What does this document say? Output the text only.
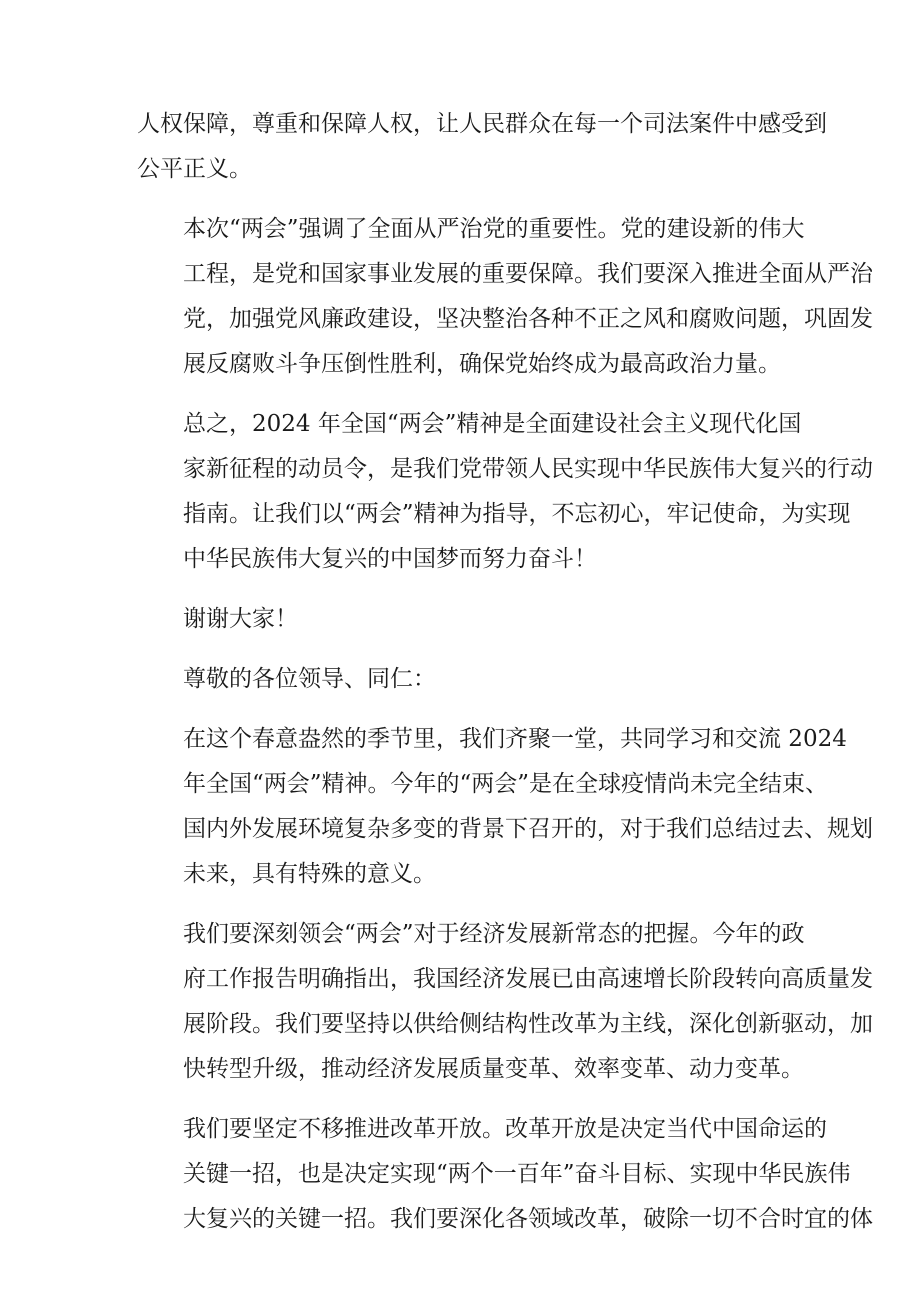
人权保障，尊重和保障人权，让人民群众在每一个司法案件中感受到
公平正义。
本次“两会”强调了全面从严治党的重要性。党的建设新的伟大
工程，是党和国家事业发展的重要保障。我们要深入推进全面从严治
党，加强党风廉政建设，坚决整治各种不正之风和腐败问题，巩固发
展反腐败斗争压倒性胜利，确保党始终成为最高政治力量。
总之，2024 年全国“两会”精神是全面建设社会主义现代化国
家新征程的动员令，是我们党带领人民实现中华民族伟大复兴的行动
指南。让我们以“两会”精神为指导，不忘初心，牢记使命，为实现
中华民族伟大复兴的中国梦而努力奋斗！
谢谢大家！
尊敬的各位领导、同仁：
在这个春意盎然的季节里，我们齐聚一堂，共同学习和交流 2024
年全国“两会”精神。今年的“两会”是在全球疫情尚未完全结束、
国内外发展环境复杂多变的背景下召开的，对于我们总结过去、规划
未来，具有特殊的意义。
我们要深刻领会“两会”对于经济发展新常态的把握。今年的政
府工作报告明确指出，我国经济发展已由高速增长阶段转向高质量发
展阶段。我们要坚持以供给侧结构性改革为主线，深化创新驱动，加
快转型升级，推动经济发展质量变革、效率变革、动力变革。
我们要坚定不移推进改革开放。改革开放是决定当代中国命运的
关键一招，也是决定实现“两个一百年”奋斗目标、实现中华民族伟
大复兴的关键一招。我们要深化各领域改革，破除一切不合时宜的体
